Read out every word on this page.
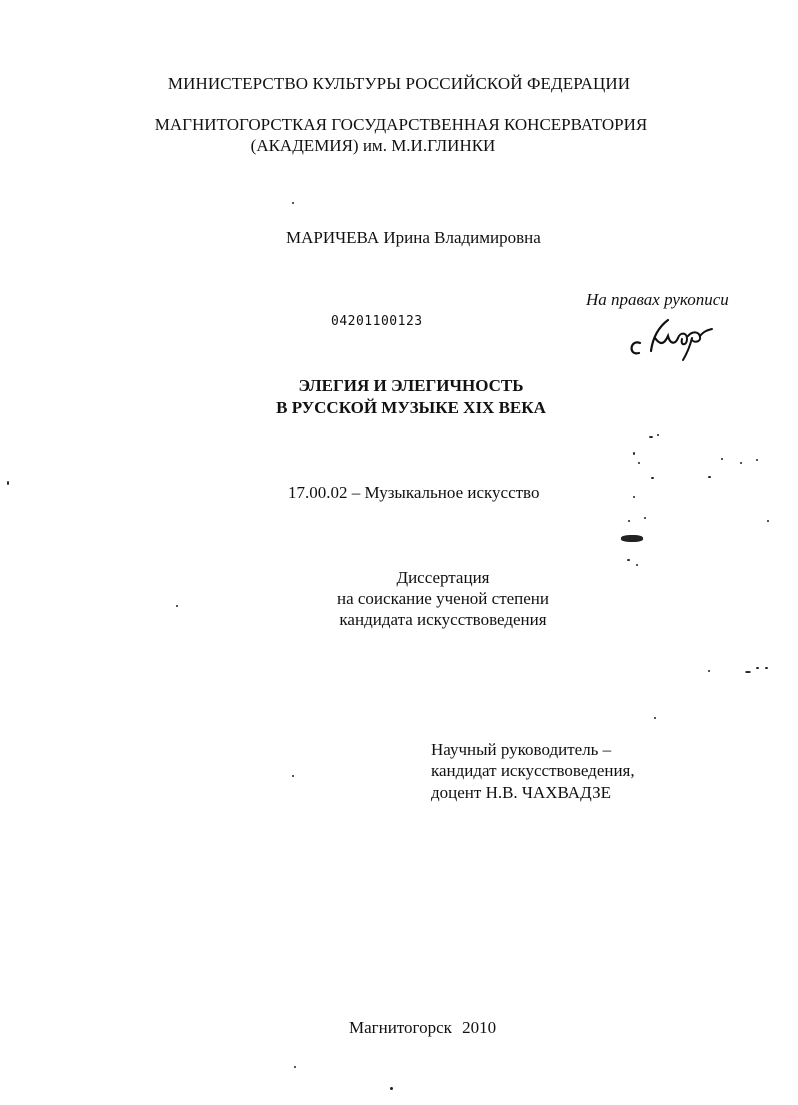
МИНИСТЕРСТВО КУЛЬТУРЫ РОССИЙСКОЙ ФЕДЕРАЦИИ
МАГНИТОГОРСТКАЯ ГОСУДАРСТВЕННАЯ КОНСЕРВАТОРИЯ
(АКАДЕМИЯ) им. М.И.ГЛИНКИ
МАРИЧЕВА Ирина Владимировна
На правах рукописи
04201100123
ЭЛЕГИЯ И ЭЛЕГИЧНОСТЬ
В РУССКОЙ МУЗЫКЕ XIX ВЕКА
17.00.02 – Музыкальное искусство
Диссертация
на соискание ученой степени
кандидата искусствоведения
Научный руководитель –
кандидат искусствоведения,
доцент Н.В. ЧАХВАДЗЕ
Магнитогорск 2010
